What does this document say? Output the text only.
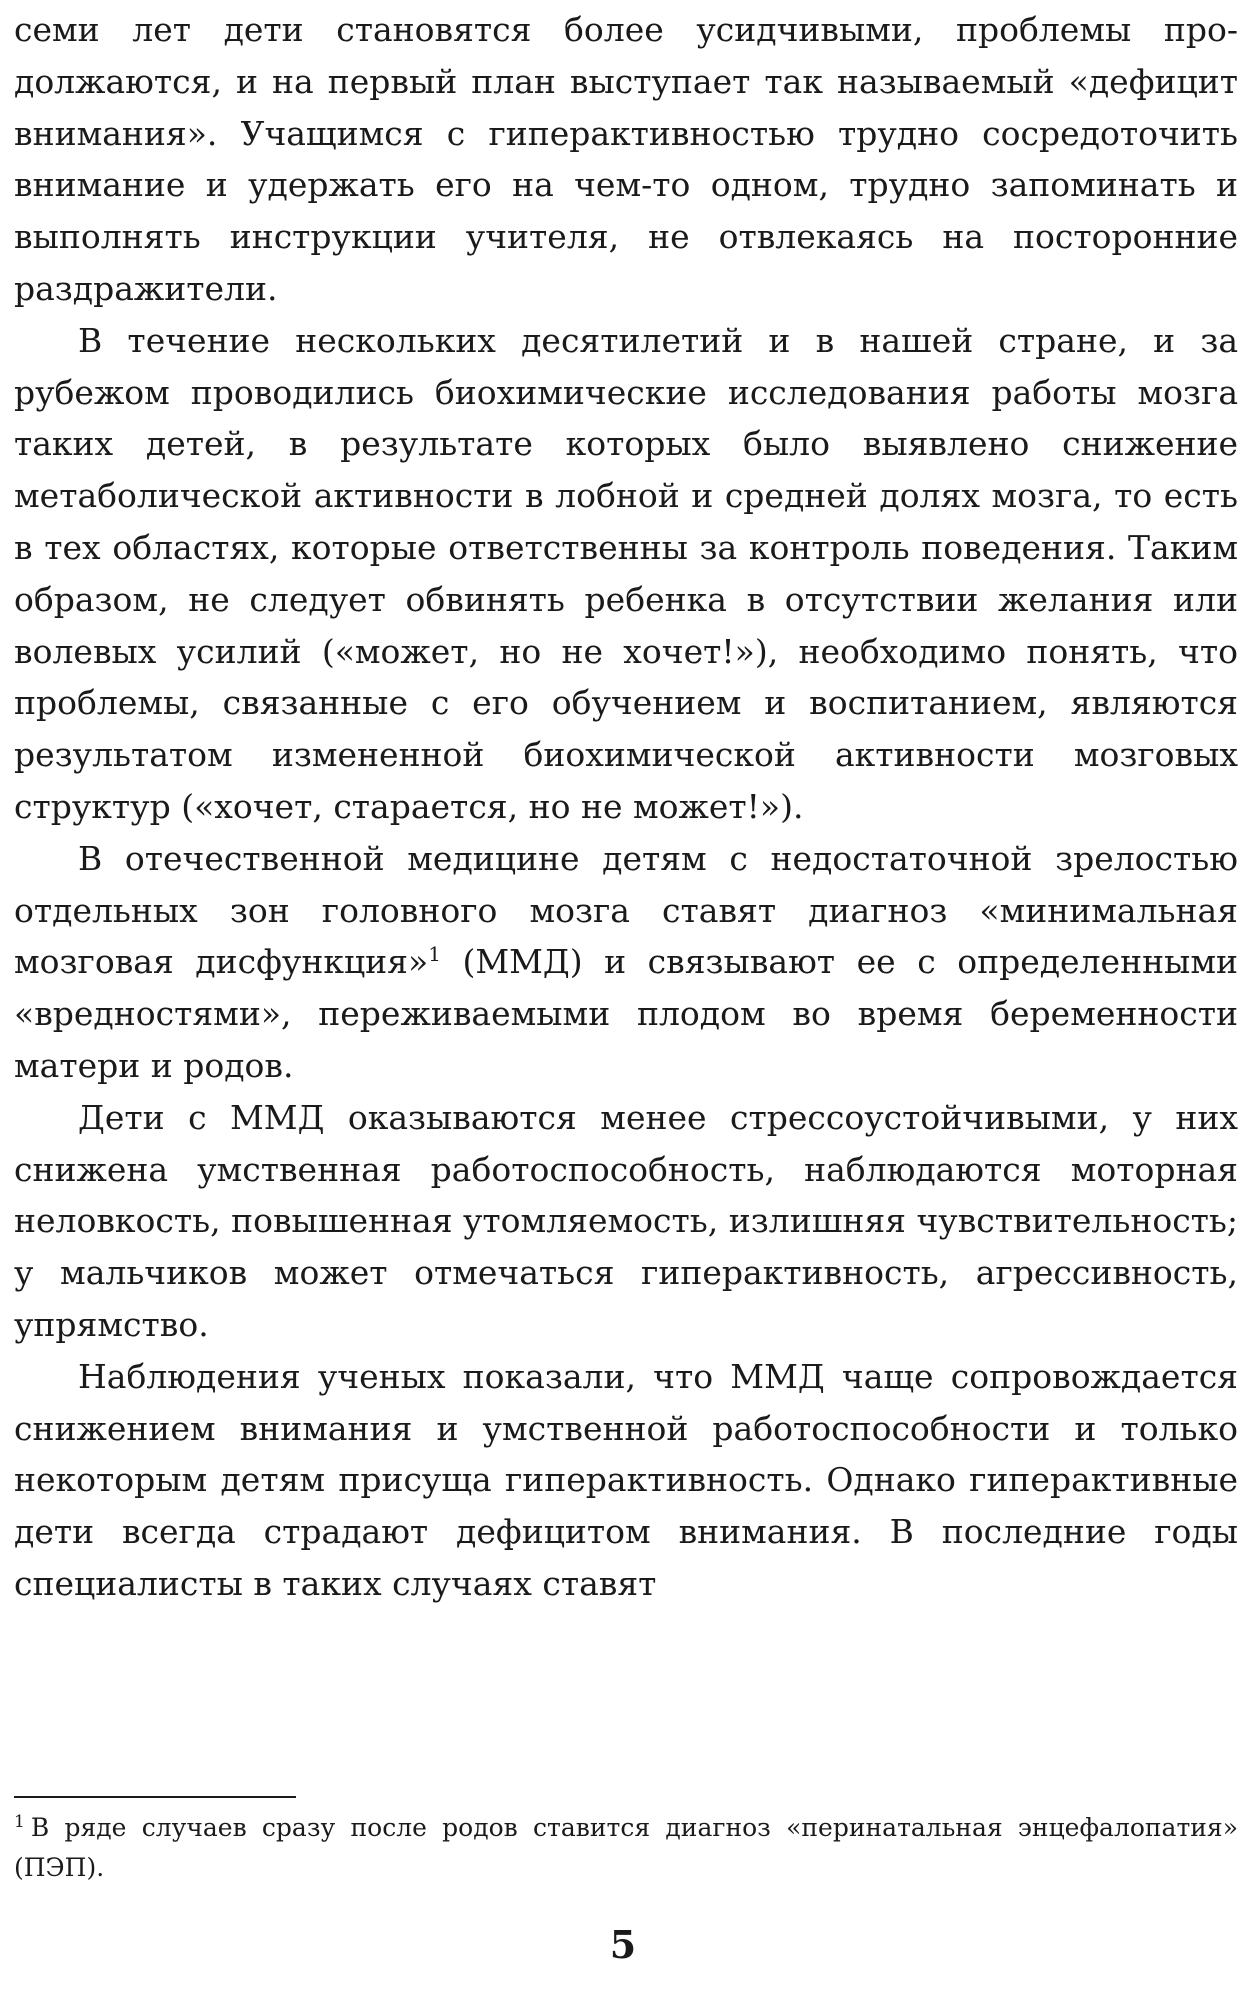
семи лет дети становятся более усидчивыми, проблемы продолжаются, и на первый план выступает так называемый «дефицит внимания». Учащимся с гиперактивностью трудно сосредоточить внимание и удержать его на чем-то одном, трудно запоминать и выполнять инструкции учителя, не отвлекаясь на посторонние раздражители.

В течение нескольких десятилетий и в нашей стране, и за рубежом проводились биохимические исследования работы мозга таких детей, в результате которых было выявлено снижение метаболической активности в лобной и средней долях мозга, то есть в тех областях, которые ответственны за контроль поведения. Таким образом, не следует обвинять ребенка в отсутствии желания или волевых усилий («может, но не хочет!»), необходимо понять, что проблемы, связанные с его обучением и воспитанием, являются результатом измененной биохимической активности мозговых структур («хочет, старается, но не может!»).

В отечественной медицине детям с недостаточной зрелостью отдельных зон головного мозга ставят диагноз «минимальная мозговая дисфункция»$^1$ (ММД) и связывают ее с определенными «вредностями», переживаемыми плодом во время беременности матери и родов.

Дети с ММД оказываются менее стрессоустойчивыми, у них снижена умственная работоспособность, наблюдаются моторная неловкость, повышенная утомляемость, излишняя чувствительность; у мальчиков может отмечаться гиперактивность, агрессивность, упрямство.

Наблюдения ученых показали, что ММД чаще сопровождается снижением внимания и умственной работоспособности и только некоторым детям присуща гиперактивность. Однако гиперактивные дети всегда страдают дефицитом внимания. В последние годы специалисты в таких случаях ставят

$^1$ В ряде случаев сразу после родов ставится диагноз «перинатальная энцефалопатия» (ПЭП).
5
